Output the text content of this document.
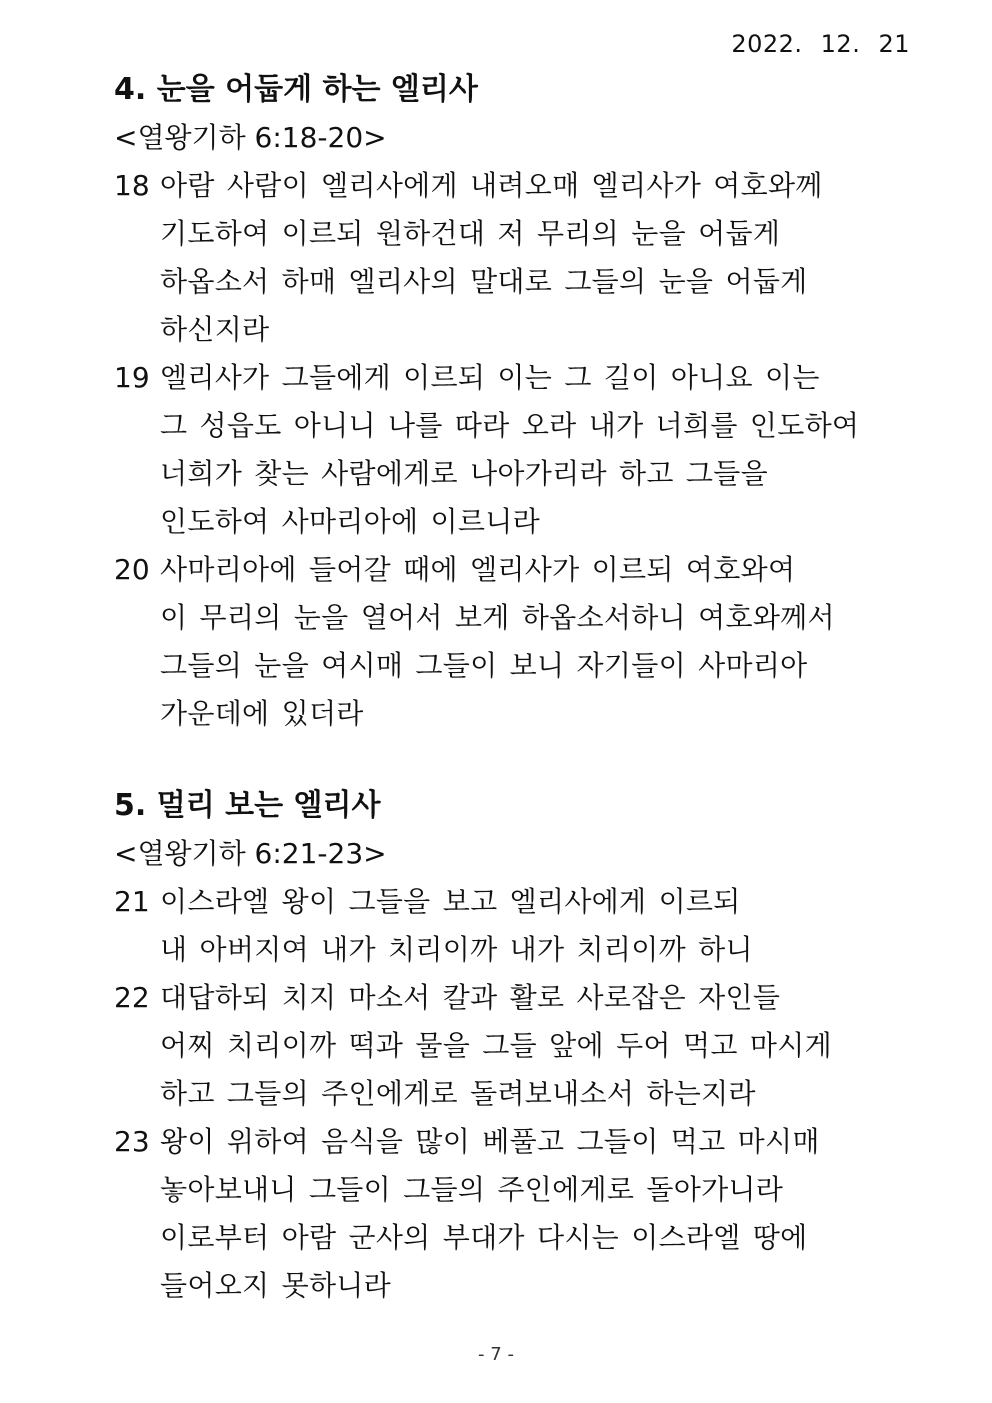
2022. 12. 21
4. 눈을 어둡게 하는 엘리사
<열왕기하 6:18-20>
18 아람 사람이 엘리사에게 내려오매 엘리사가 여호와께
기도하여 이르되 원하건대 저 무리의 눈을 어둡게
하옵소서 하매 엘리사의 말대로 그들의 눈을 어둡게
하신지라
19 엘리사가 그들에게 이르되 이는 그 길이 아니요 이는
그 성읍도 아니니 나를 따라 오라 내가 너희를 인도하여
너희가 찾는 사람에게로 나아가리라 하고 그들을
인도하여 사마리아에 이르니라
20 사마리아에 들어갈 때에 엘리사가 이르되 여호와여
이 무리의 눈을 열어서 보게 하옵소서하니 여호와께서
그들의 눈을 여시매 그들이 보니 자기들이 사마리아
가운데에 있더라
5. 멀리 보는 엘리사
<열왕기하 6:21-23>
21 이스라엘 왕이 그들을 보고 엘리사에게 이르되
내 아버지여 내가 치리이까 내가 치리이까 하니
22 대답하되 치지 마소서 칼과 활로 사로잡은 자인들
어찌 치리이까 떡과 물을 그들 앞에 두어 먹고 마시게
하고 그들의 주인에게로 돌려보내소서 하는지라
23 왕이 위하여 음식을 많이 베풀고 그들이 먹고 마시매
놓아보내니 그들이 그들의 주인에게로 돌아가니라
이로부터 아람 군사의 부대가 다시는 이스라엘 땅에
들어오지 못하니라
- 7 -
